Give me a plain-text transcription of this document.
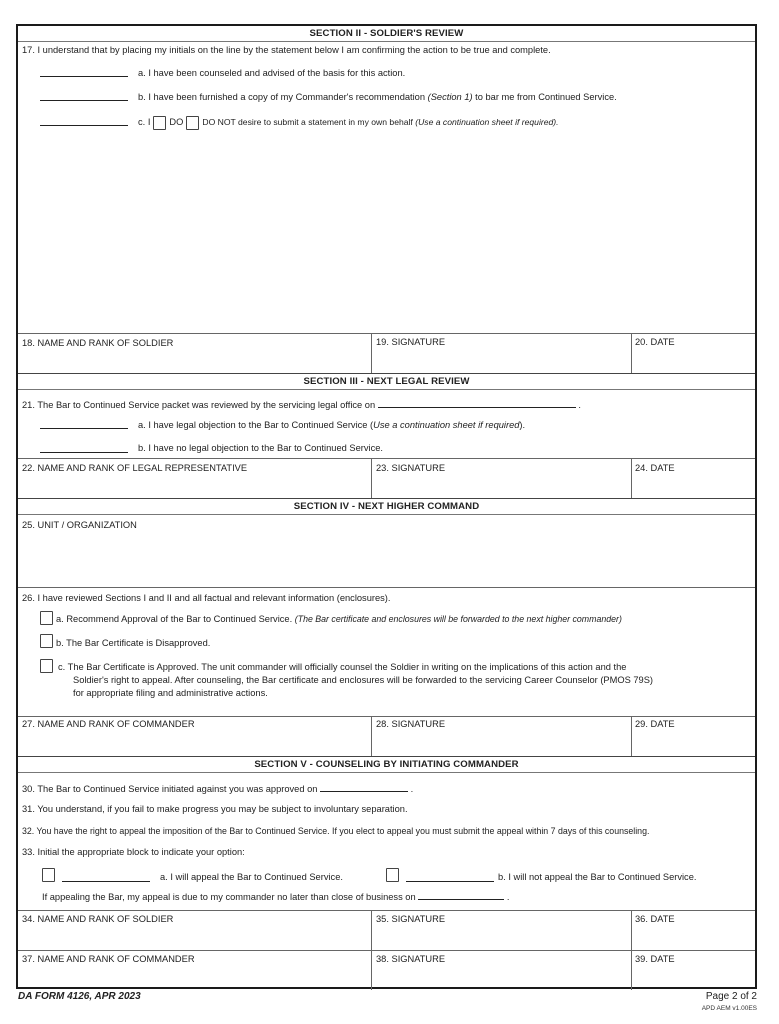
SECTION II - SOLDIER'S REVIEW
17. I understand that by placing my initials on the line by the statement below I am confirming the action to be true and complete.
a. I have been counseled and advised of the basis for this action.
b. I have been furnished a copy of my Commander's recommendation (Section 1) to bar me from Continued Service.
c. I DO DO NOT desire to submit a statement in my own behalf (Use a continuation sheet if required).
18. NAME AND RANK OF SOLDIER	19. SIGNATURE	20. DATE
SECTION III - NEXT LEGAL REVIEW
21. The Bar to Continued Service packet was reviewed by the servicing legal office on	.
a. I have legal objection to the Bar to Continued Service (Use a continuation sheet if required).
b. I have no legal objection to the Bar to Continued Service.
22. NAME AND RANK OF LEGAL REPRESENTATIVE	23. SIGNATURE	24. DATE
SECTION IV - NEXT HIGHER COMMAND
25. UNIT / ORGANIZATION
26. I have reviewed Sections I and II and all factual and relevant information (enclosures).
a. Recommend Approval of the Bar to Continued Service. (The Bar certificate and enclosures will be forwarded to the next higher commander)
b. The Bar Certificate is Disapproved.
c. The Bar Certificate is Approved. The unit commander will officially counsel the Soldier in writing on the implications of this action and the
Soldier's right to appeal. After counseling, the Bar certificate and enclosures will be forwarded to the servicing Career Counselor (PMOS 79S)
for appropriate filing and administrative actions.
27. NAME AND RANK OF COMMANDER	28. SIGNATURE	29. DATE
SECTION V - COUNSELING BY INITIATING COMMANDER
30. The Bar to Continued Service initiated against you was approved on	.
31. You understand, if you fail to make progress you may be subject to involuntary separation.
32. You have the right to appeal the imposition of the Bar to Continued Service. If you elect to appeal you must submit the appeal within 7 days of this counseling.
33. Initial the appropriate block to indicate your option:
a. I will appeal the Bar to Continued Service.	b. I will not appeal the Bar to Continued Service.
If appealing the Bar, my appeal is due to my commander no later than close of business on	.
34. NAME AND RANK OF SOLDIER	35. SIGNATURE	36. DATE
37. NAME AND RANK OF COMMANDER	38. SIGNATURE	39. DATE
DA FORM 4126, APR 2023	Page 2 of 2
APD AEM v1.00ES
